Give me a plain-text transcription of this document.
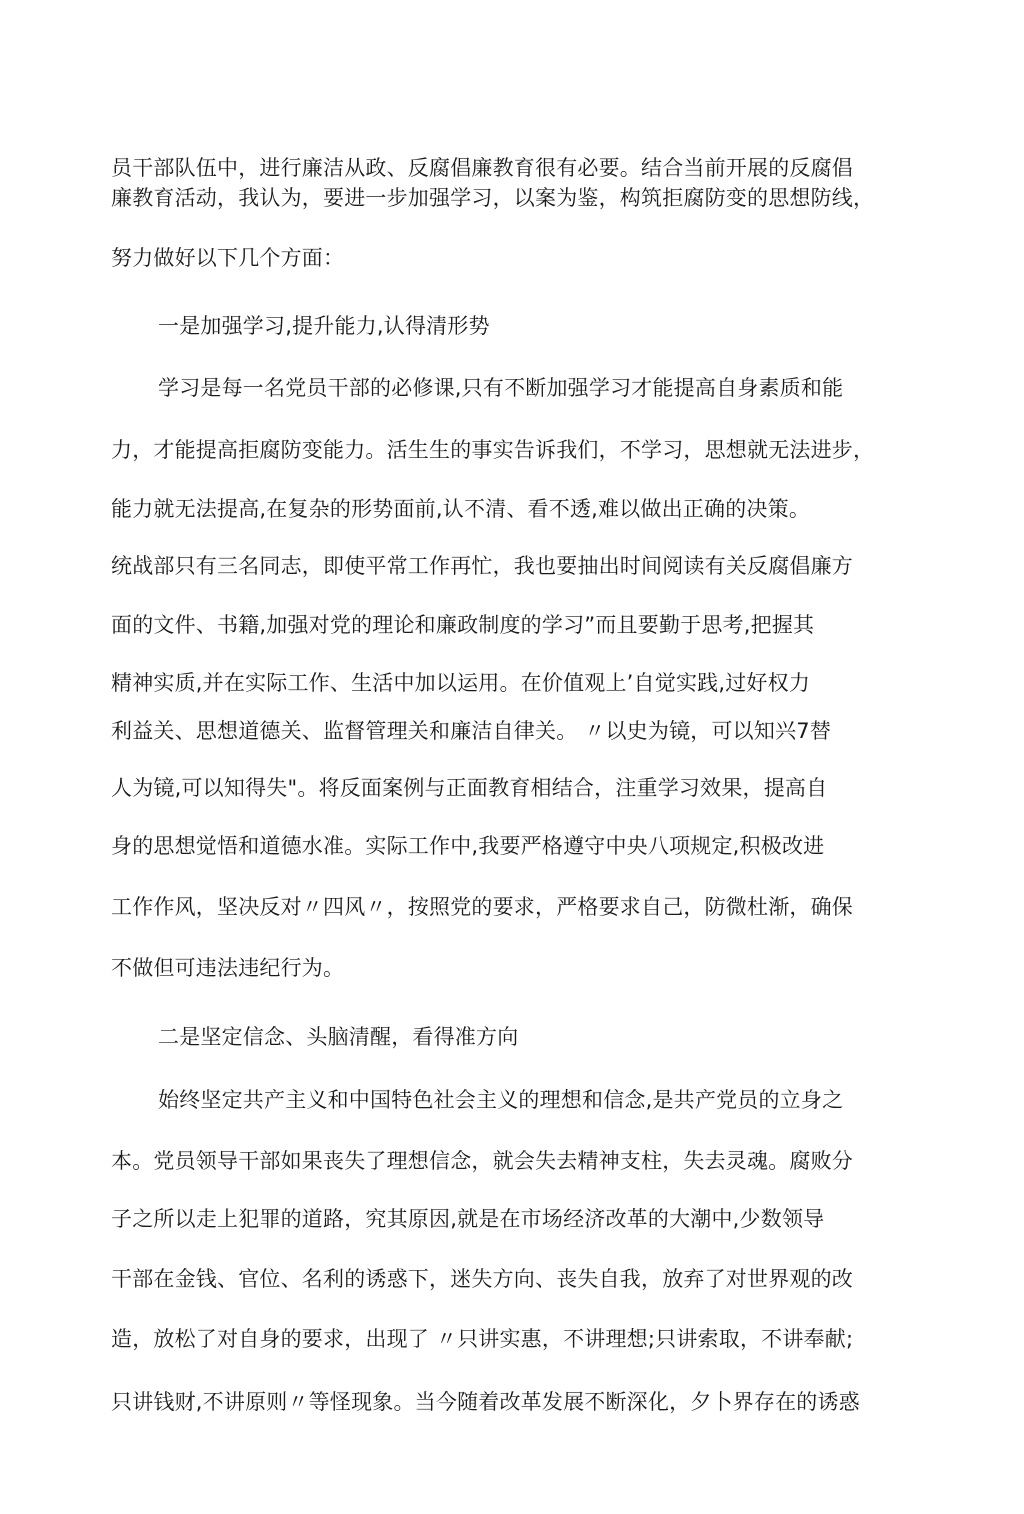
员干部队伍中，进行廉洁从政、反腐倡廉教育很有必要。结合当前开展的反腐倡
廉教育活动，我认为，要进一步加强学习，以案为鉴，构筑拒腐防变的思想防线，
努力做好以下几个方面：
一是加强学习,提升能力,认得清形势
学习是每一名党员干部的必修课,只有不断加强学习才能提高自身素质和能
力，才能提高拒腐防变能力。活生生的事实告诉我们，不学习，思想就无法进步，
能力就无法提高,在复杂的形势面前,认不清、看不透,难以做出正确的决策。
统战部只有三名同志，即使平常工作再忙，我也要抽出时间阅读有关反腐倡廉方
面的文件、书籍,加强对党的理论和廉政制度的学习”而且要勤于思考,把握其
精神实质,并在实际工作、生活中加以运用。在价值观上’自觉实践,过好权力
利益关、思想道德关、监督管理关和廉洁自律关。 〃以史为镜，可以知兴7替
人为镜,可以知得失"。将反面案例与正面教育相结合，注重学习效果，提高自
身的思想觉悟和道德水准。实际工作中,我要严格遵守中央八项规定,积极改进
工作作风，坚决反对〃四风〃，按照党的要求，严格要求自己，防微杜渐，确保
不做但可违法违纪行为。
二是坚定信念、头脑清醒，看得准方向
始终坚定共产主义和中国特色社会主义的理想和信念,是共产党员的立身之
本。党员领导干部如果丧失了理想信念，就会失去精神支柱，失去灵魂。腐败分
子之所以走上犯罪的道路，究其原因,就是在市场经济改革的大潮中,少数领导
干部在金钱、官位、名利的诱惑下，迷失方向、丧失自我，放弃了对世界观的改
造，放松了对自身的要求，出现了 〃只讲实惠，不讲理想;只讲索取，不讲奉献;
只讲钱财,不讲原则〃等怪现象。当今随着改革发展不断深化，夕卜界存在的诱惑
